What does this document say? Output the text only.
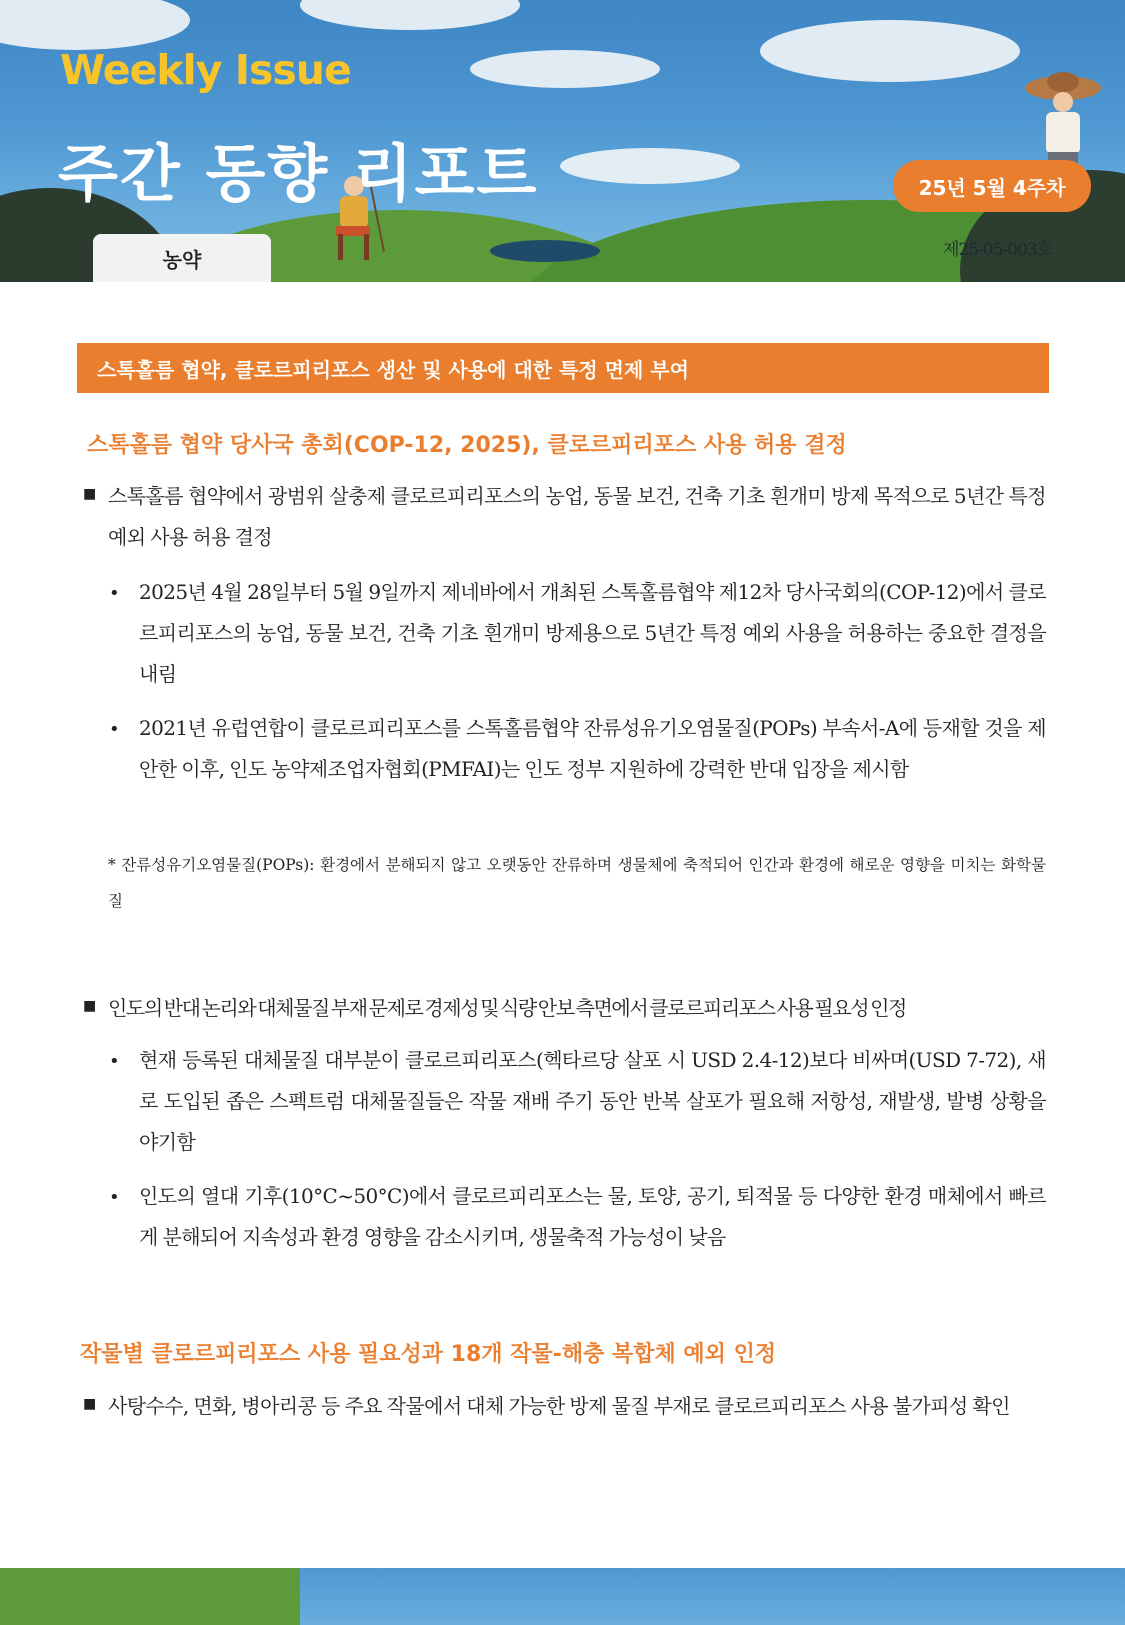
Weekly Issue
주간 동향 리포트	25년 5월 4주차
제25-05-003호
농약
스톡홀름 협약, 클로르피리포스 생산 및 사용에 대한 특정 면제 부여
스톡홀름 협약 당사국 총회(COP-12, 2025), 클로르피리포스 사용 허용 결정
■ 스톡홀름 협약에서 광범위 살충제 클로르피리포스의 농업, 동물 보건, 건축 기초 흰개미 방제 목적으로 5년간 특정 예외 사용 허용 결정

• 2025년 4월 28일부터 5월 9일까지 제네바에서 개최된 스톡홀름협약 제12차 당사국회의(COP-12)에서 클로르피리포스의 농업, 동물 보건, 건축 기초 흰개미 방제용으로 5년간 특정 예외 사용을 허용하는 중요한 결정을 내림

• 2021년 유럽연합이 클로르피리포스를 스톡홀름협약 잔류성유기오염물질(POPs) 부속서-A에 등재할 것을 제안한 이후, 인도 농약제조업자협회(PMFAI)는 인도 정부 지원하에 강력한 반대 입장을 제시함

* 잔류성유기오염물질(POPs): 환경에서 분해되지 않고 오랫동안 잔류하며 생물체에 축적되어 인간과 환경에 해로운 영향을 미치는 화학물질

■ 인도의 반대 논리와 대체물질 부재 문제로 경제성 및 식량 안보 측면에서 클로르피리포스 사용 필요성 인정

• 현재 등록된 대체물질 대부분이 클로르피리포스(헥타르당 살포 시 USD 2.4-12)보다 비싸며(USD 7-72), 새로 도입된 좁은 스펙트럼 대체물질들은 작물 재배 주기 동안 반복 살포가 필요해 저항성, 재발생, 발병 상황을 야기함

• 인도의 열대 기후(10°C~50°C)에서 클로르피리포스는 물, 토양, 공기, 퇴적물 등 다양한 환경 매체에서 빠르게 분해되어 지속성과 환경 영향을 감소시키며, 생물축적 가능성이 낮음

작물별 클로르피리포스 사용 필요성과 18개 작물-해충 복합체 예외 인정
■ 사탕수수, 면화, 병아리콩 등 주요 작물에서 대체 가능한 방제 물질 부재로 클로르피리포스 사용 불가피성 확인
